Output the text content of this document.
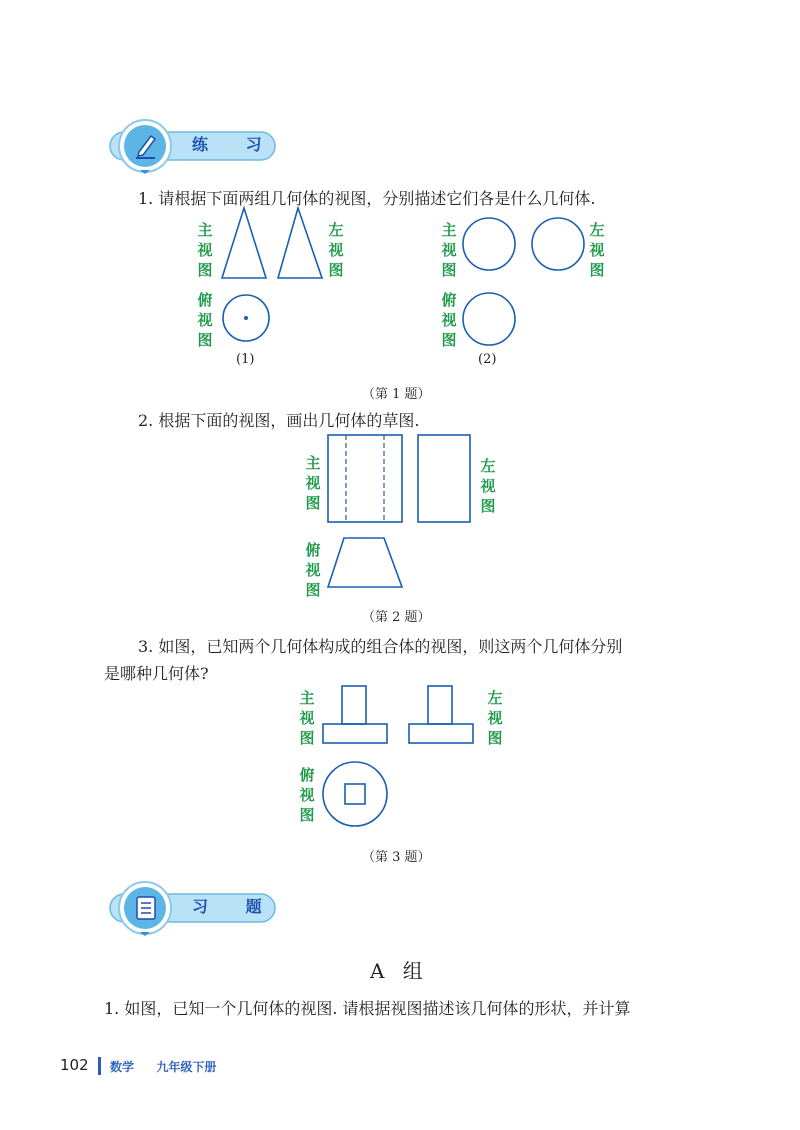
练 习
1. 请根据下面两组几何体的视图，分别描述它们各是什么几何体.
主
视
图
左
视
图
俯
视
图
(1)
主
视
图
左
视
图
俯
视
图
(2)
（第 1 题）
2. 根据下面的视图，画出几何体的草图.
主
视
图
左
视
图
俯
视
图
（第 2 题）
3. 如图，已知两个几何体构成的组合体的视图，则这两个几何体分别
是哪种几何体?
主
视
图
左
视
图
俯
视
图
（第 3 题）
习 题
A 组
1. 如图，已知一个几何体的视图. 请根据视图描述该几何体的形状，并计算
102 数学 九年级下册
